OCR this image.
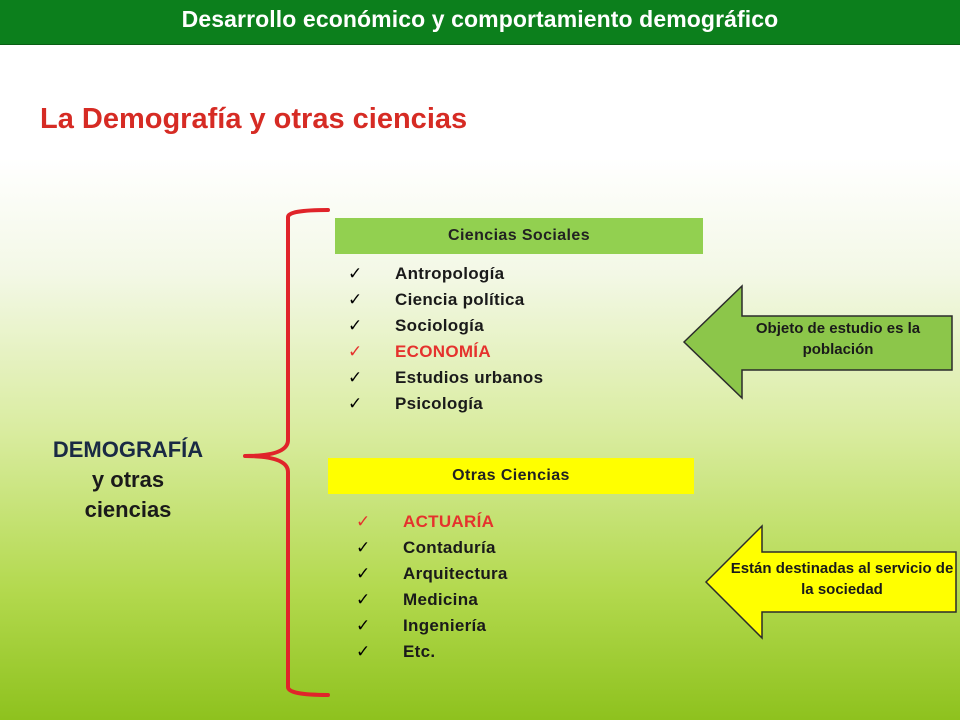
Desarrollo económico y comportamiento demográfico
La Demografía y otras ciencias
DEMOGRAFÍA
y otras
ciencias
Ciencias Sociales
✓ Antropología
✓ Ciencia política
✓ Sociología
✓ ECONOMÍA
✓ Estudios urbanos
✓ Psicología
Otras Ciencias
✓ ACTUARÍA
✓ Contaduría
✓ Arquitectura
✓ Medicina
✓ Ingeniería
✓ Etc.
Objeto de estudio es la población
Están destinadas al servicio de la sociedad
